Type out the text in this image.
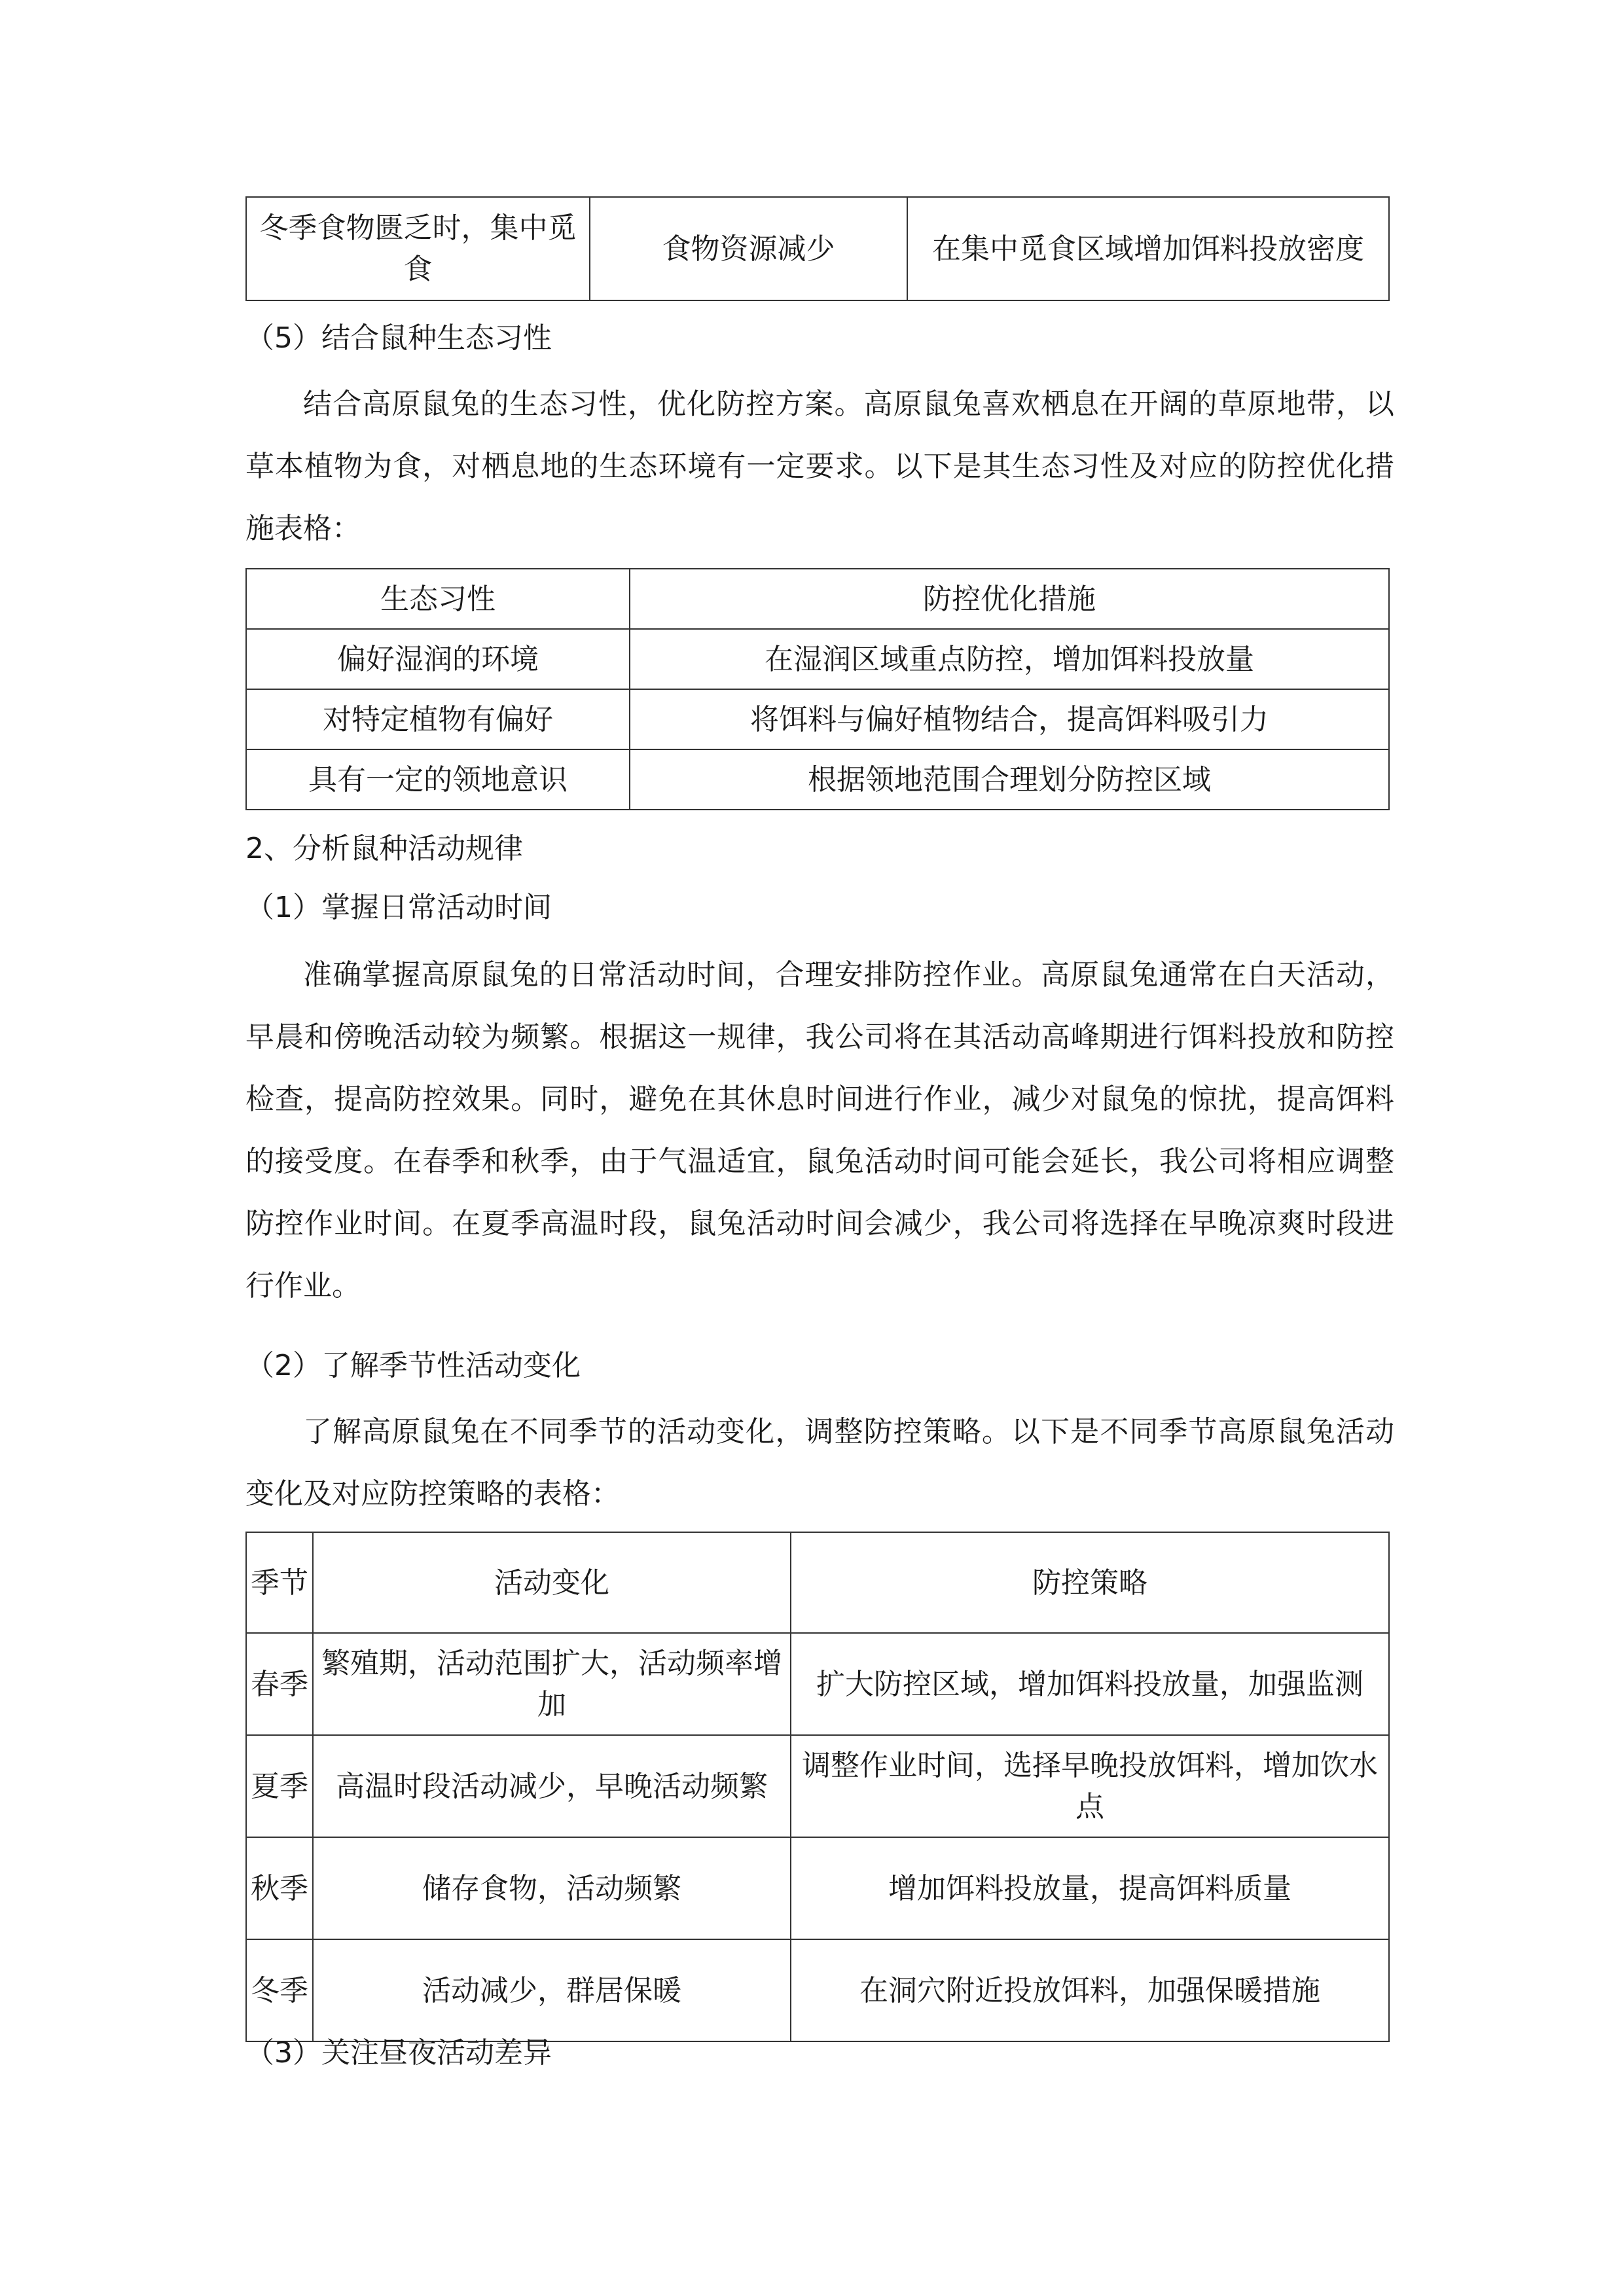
冬季食物匮乏时，集中觅食	食物资源减少	在集中觅食区域增加饵料投放密度
（5）结合鼠种生态习性

结合高原鼠兔的生态习性，优化防控方案。高原鼠兔喜欢栖息在开阔的草原地带，以草本植物为食，对栖息地的生态环境有一定要求。以下是其生态习性及对应的防控优化措施表格：

生态习性	防控优化措施
偏好湿润的环境	在湿润区域重点防控，增加饵料投放量
对特定植物有偏好	将饵料与偏好植物结合，提高饵料吸引力
具有一定的领地意识	根据领地范围合理划分防控区域
2、分析鼠种活动规律
（1）掌握日常活动时间

准确掌握高原鼠兔的日常活动时间，合理安排防控作业。高原鼠兔通常在白天活动，早晨和傍晚活动较为频繁。根据这一规律，我公司将在其活动高峰期进行饵料投放和防控检查，提高防控效果。同时，避免在其休息时间进行作业，减少对鼠兔的惊扰，提高饵料的接受度。在春季和秋季，由于气温适宜，鼠兔活动时间可能会延长，我公司将相应调整防控作业时间。在夏季高温时段，鼠兔活动时间会减少，我公司将选择在早晚凉爽时段进行作业。

（2）了解季节性活动变化

了解高原鼠兔在不同季节的活动变化，调整防控策略。以下是不同季节高原鼠兔活动变化及对应防控策略的表格：

季节	活动变化	防控策略
春季	繁殖期，活动范围扩大，活动频率增加	扩大防控区域，增加饵料投放量，加强监测
夏季	高温时段活动减少，早晚活动频繁	调整作业时间，选择早晚投放饵料，增加饮水点
秋季	储存食物，活动频繁	增加饵料投放量，提高饵料质量
冬季	活动减少，群居保暖	在洞穴附近投放饵料，加强保暖措施
（3）关注昼夜活动差异
